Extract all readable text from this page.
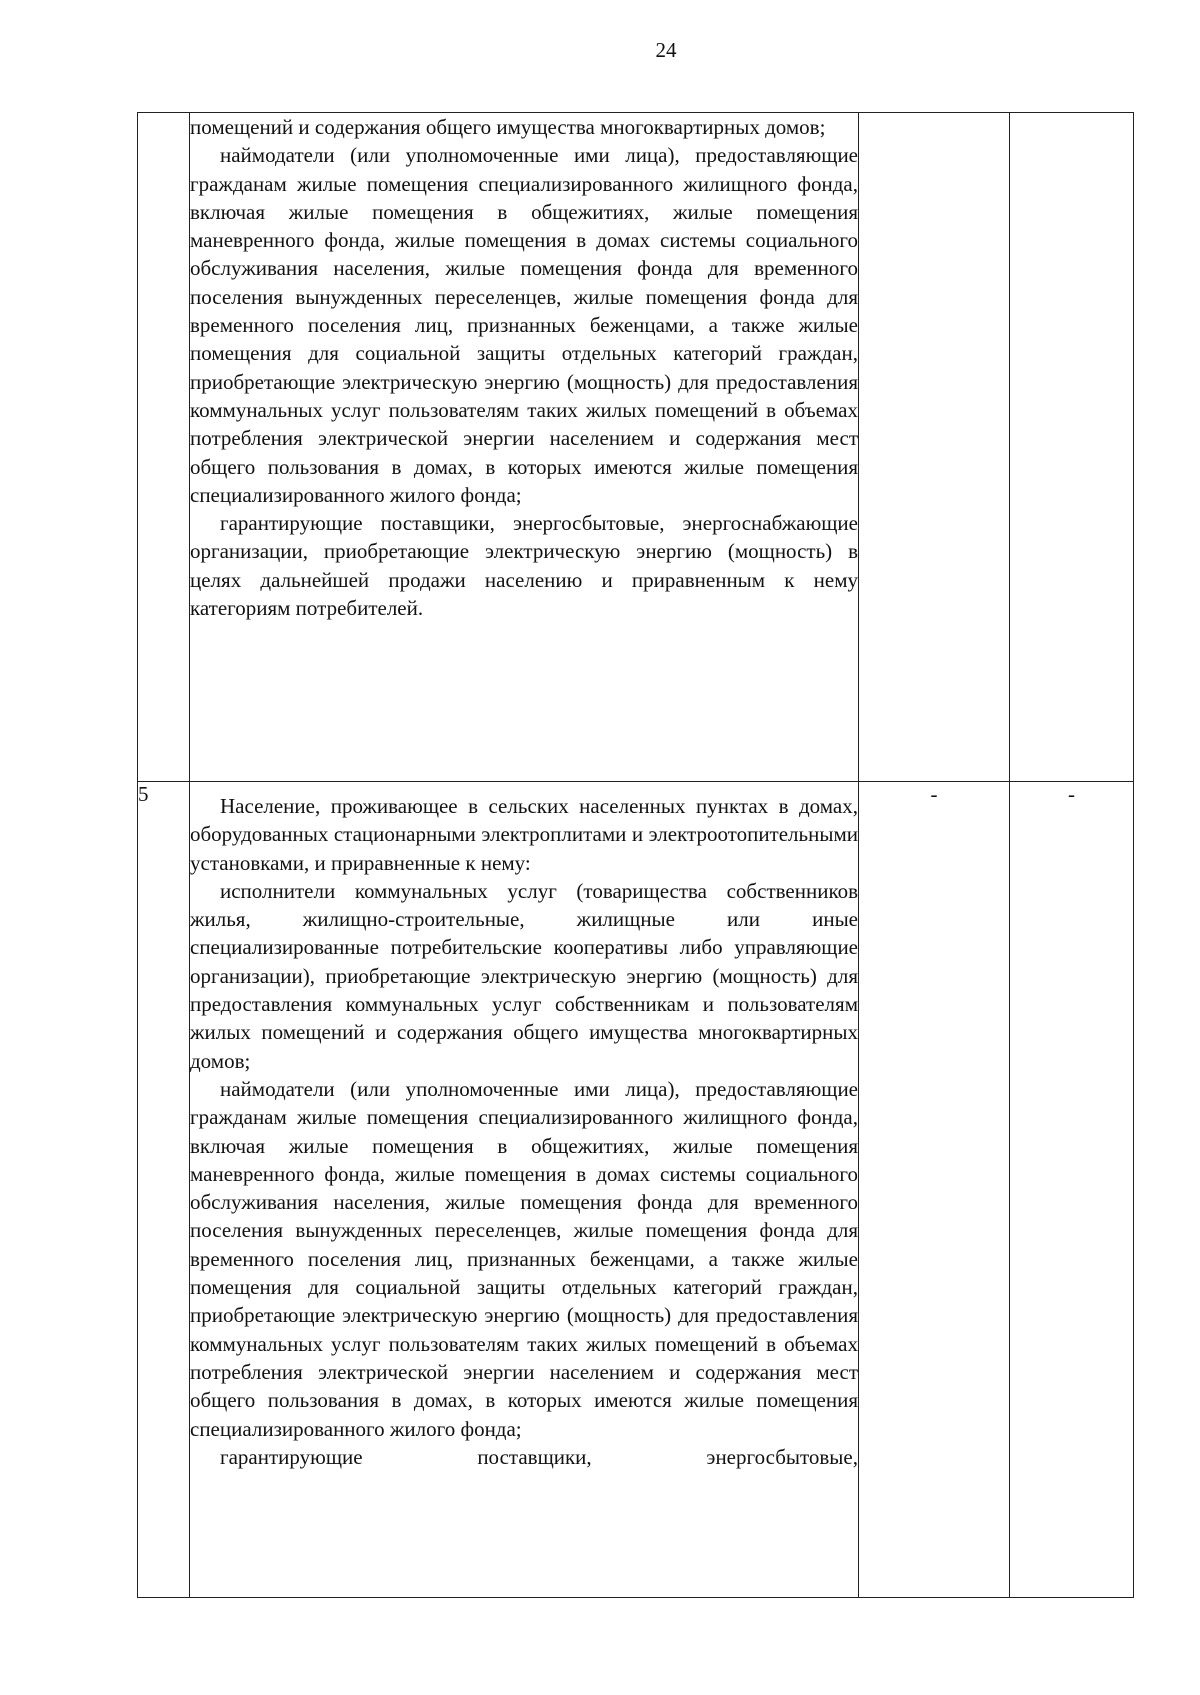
24

	помещений и содержания общего имущества многоквартирных домов;

наймодатели (или уполномоченные ими лица), предоставляющие гражданам жилые помещения специализированного жилищного фонда, включая жилые помещения в общежитиях, жилые помещения маневренного фонда, жилые помещения в домах системы социального обслуживания населения, жилые помещения фонда для временного поселения вынужденных переселенцев, жилые помещения фонда для временного поселения лиц, признанных беженцами, а также жилые помещения для социальной защиты отдельных категорий граждан, приобретающие электрическую энергию (мощность) для предоставления коммунальных услуг пользователям таких жилых помещений в объемах потребления электрической энергии населением и содержания мест общего пользования в домах, в которых имеются жилые помещения специализированного жилого фонда;

гарантирующие поставщики, энергосбытовые, энергоснабжающие организации, приобретающие электрическую энергию (мощность) в целях дальнейшей продажи населению и приравненным к нему категориям потребителей.		

5	Население, проживающее в сельских населенных пунктах в домах, оборудованных стационарными электроплитами и электроотопительными установками, и приравненные к нему:

исполнители коммунальных услуг (товарищества собственников жилья, жилищно-строительные, жилищные или иные специализированные потребительские кооперативы либо управляющие организации), приобретающие электрическую энергию (мощность) для предоставления коммунальных услуг собственникам и пользователям жилых помещений и содержания общего имущества многоквартирных домов;

наймодатели (или уполномоченные ими лица), предоставляющие гражданам жилые помещения специализированного жилищного фонда, включая жилые помещения в общежитиях, жилые помещения маневренного фонда, жилые помещения в домах системы социального обслуживания населения, жилые помещения фонда для временного поселения вынужденных переселенцев, жилые помещения фонда для временного поселения лиц, признанных беженцами, а также жилые помещения для социальной защиты отдельных категорий граждан, приобретающие электрическую энергию (мощность) для предоставления коммунальных услуг пользователям таких жилых помещений в объемах потребления электрической энергии населением и содержания мест общего пользования в домах, в которых имеются жилые помещения специализированного жилого фонда;

гарантирующие поставщики, энергосбытовые,	-	-
